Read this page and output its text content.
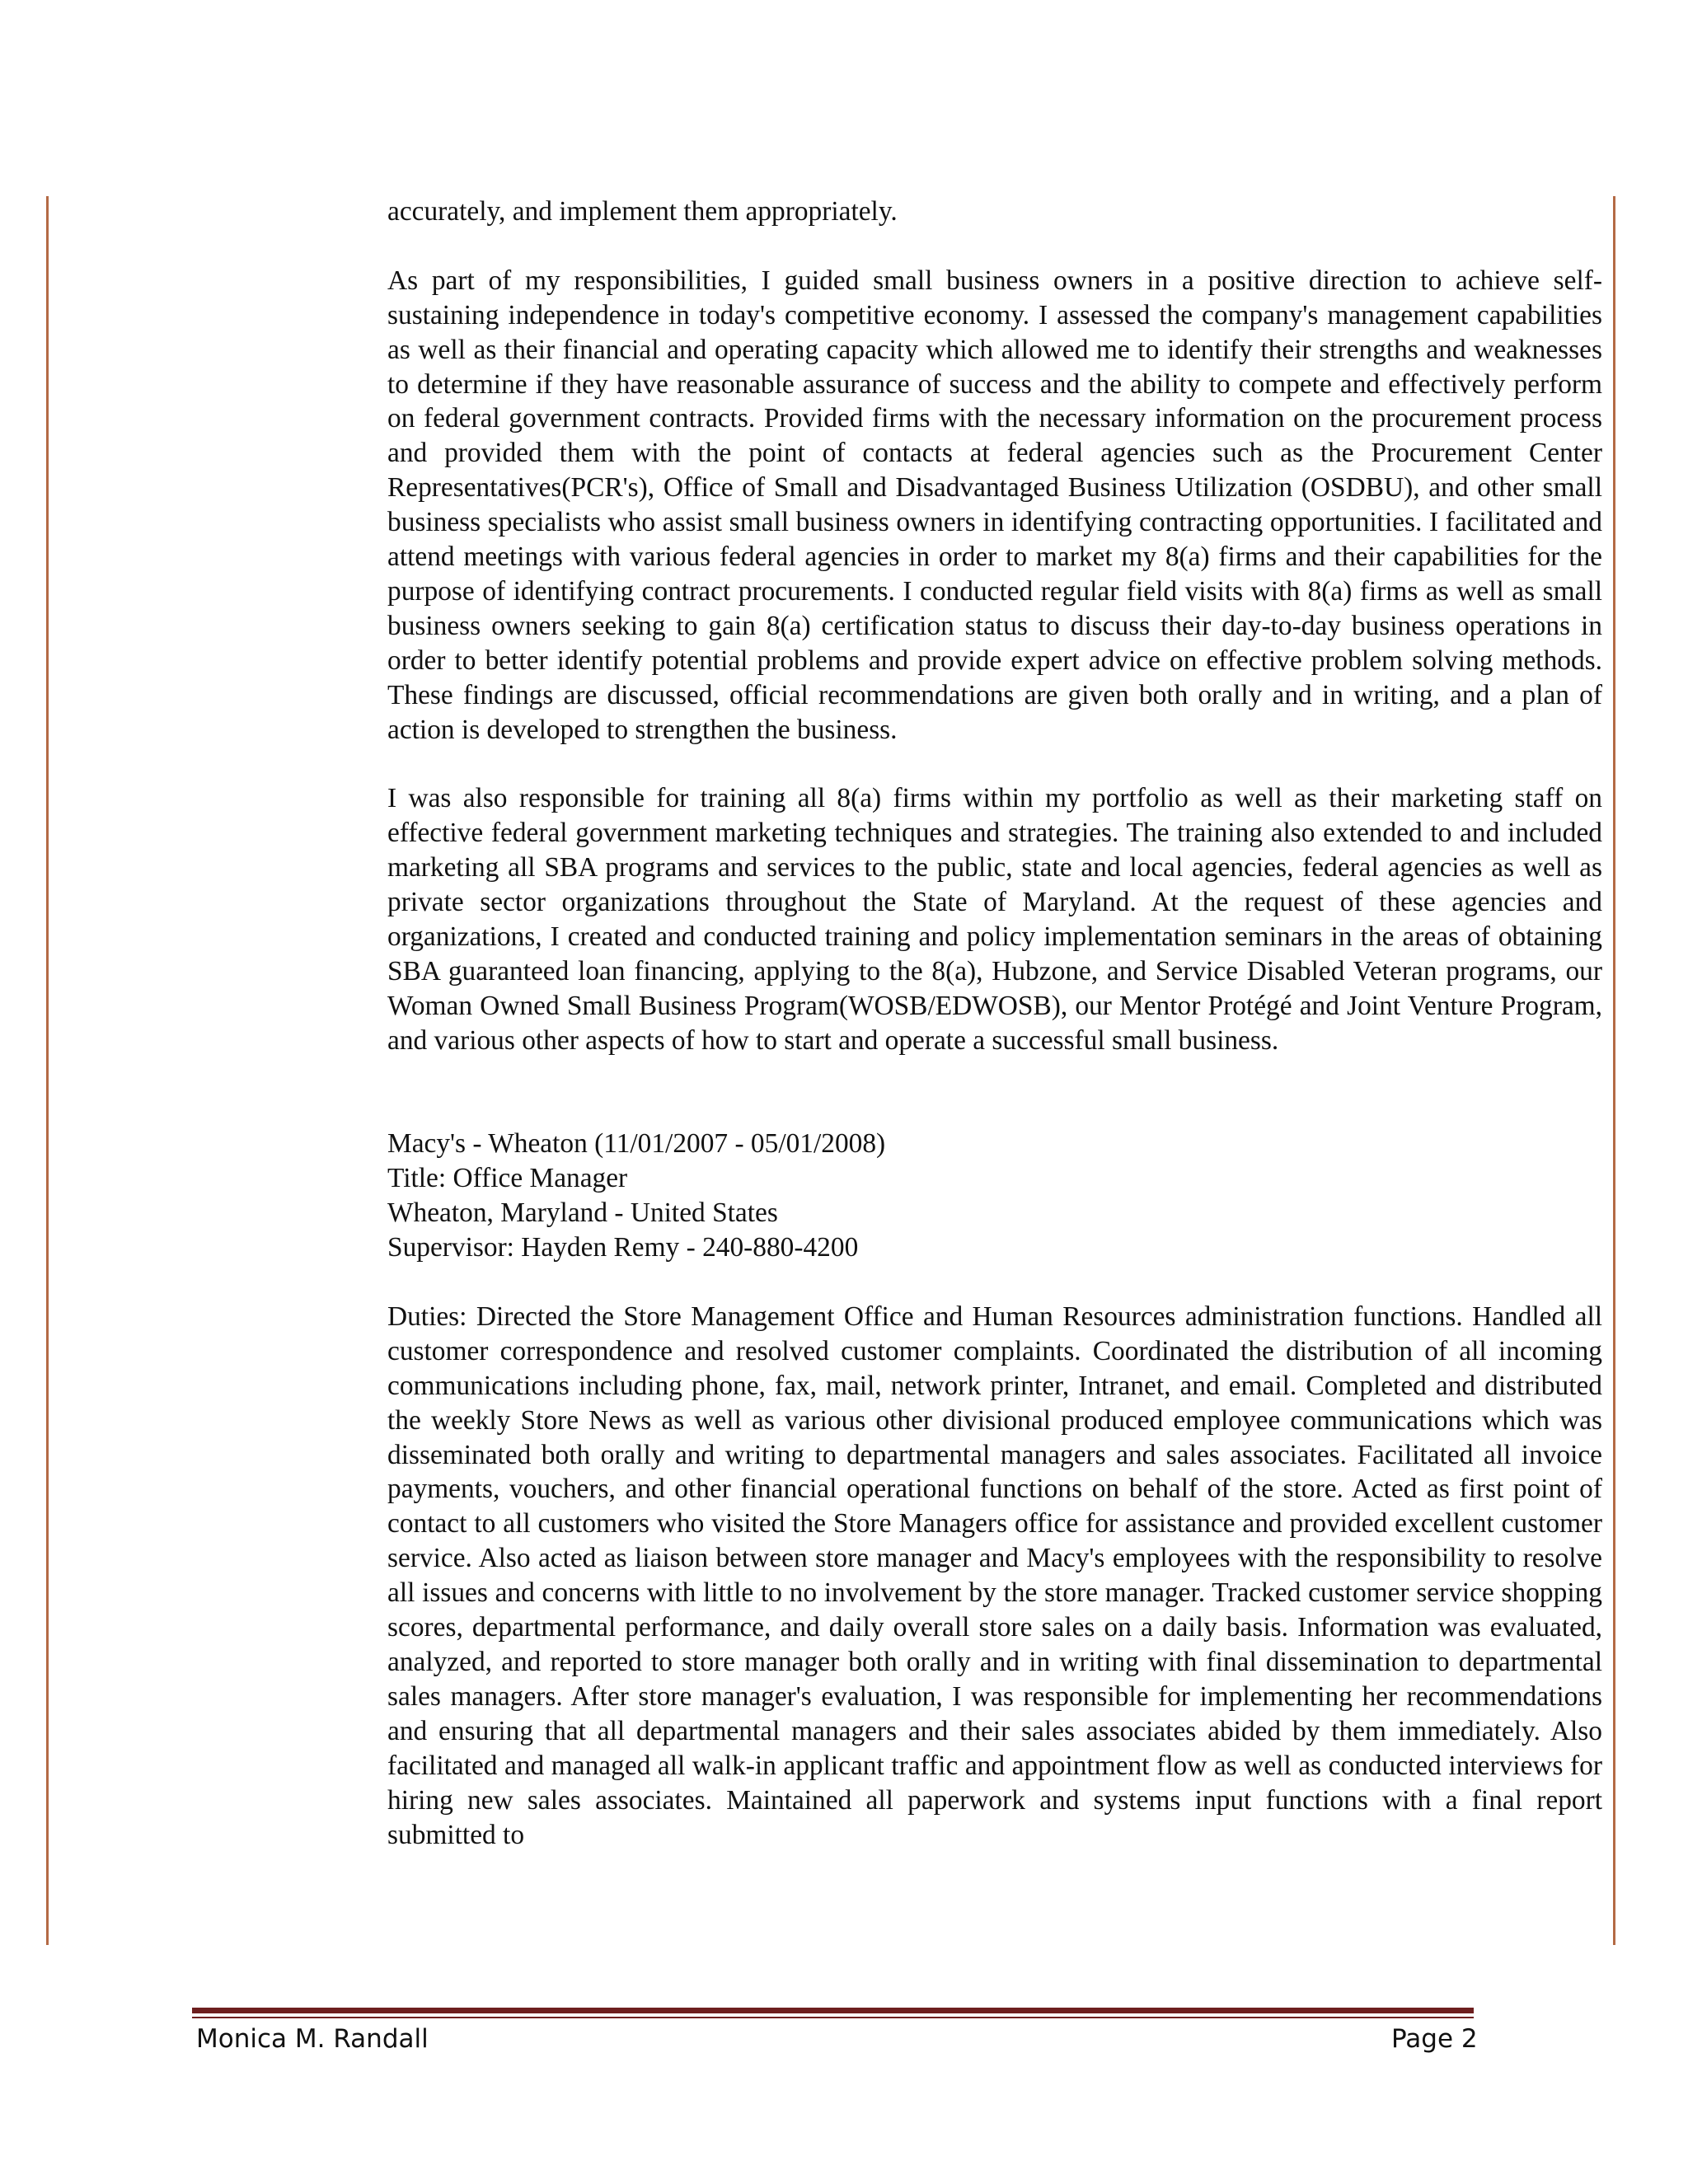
accurately, and implement them appropriately.

As part of my responsibilities, I guided small business owners in a positive direction to achieve self-sustaining independence in today's competitive economy. I assessed the company's management capabilities as well as their financial and operating capacity which allowed me to identify their strengths and weaknesses to determine if they have reasonable assurance of success and the ability to compete and effectively perform on federal government contracts. Provided firms with the necessary information on the procurement process and provided them with the point of contacts at federal agencies such as the Procurement Center Representatives(PCR's), Office of Small and Disadvantaged Business Utilization (OSDBU), and other small business specialists who assist small business owners in identifying contracting opportunities. I facilitated and attend meetings with various federal agencies in order to market my 8(a) firms and their capabilities for the purpose of identifying contract procurements. I conducted regular field visits with 8(a) firms as well as small business owners seeking to gain 8(a) certification status to discuss their day-to-day business operations in order to better identify potential problems and provide expert advice on effective problem solving methods. These findings are discussed, official recommendations are given both orally and in writing, and a plan of action is developed to strengthen the business.

I was also responsible for training all 8(a) firms within my portfolio as well as their marketing staff on effective federal government marketing techniques and strategies. The training also extended to and included marketing all SBA programs and services to the public, state and local agencies, federal agencies as well as private sector organizations throughout the State of Maryland. At the request of these agencies and organizations, I created and conducted training and policy implementation seminars in the areas of obtaining SBA guaranteed loan financing, applying to the 8(a), Hubzone, and Service Disabled Veteran programs, our Woman Owned Small Business Program(WOSB/EDWOSB), our Mentor Protégé and Joint Venture Program, and various other aspects of how to start and operate a successful small business.

Macy's - Wheaton (11/01/2007 - 05/01/2008)
Title: Office Manager
Wheaton, Maryland - United States
Supervisor: Hayden Remy - 240-880-4200

Duties: Directed the Store Management Office and Human Resources administration functions. Handled all customer correspondence and resolved customer complaints. Coordinated the distribution of all incoming communications including phone, fax, mail, network printer, Intranet, and email. Completed and distributed the weekly Store News as well as various other divisional produced employee communications which was disseminated both orally and writing to departmental managers and sales associates. Facilitated all invoice payments, vouchers, and other financial operational functions on behalf of the store. Acted as first point of contact to all customers who visited the Store Managers office for assistance and provided excellent customer service. Also acted as liaison between store manager and Macy's employees with the responsibility to resolve all issues and concerns with little to no involvement by the store manager. Tracked customer service shopping scores, departmental performance, and daily overall store sales on a daily basis. Information was evaluated, analyzed, and reported to store manager both orally and in writing with final dissemination to departmental sales managers. After store manager's evaluation, I was responsible for implementing her recommendations and ensuring that all departmental managers and their sales associates abided by them immediately. Also facilitated and managed all walk-in applicant traffic and appointment flow as well as conducted interviews for hiring new sales associates. Maintained all paperwork and systems input functions with a final report submitted to

Monica M. Randall	Page 2
